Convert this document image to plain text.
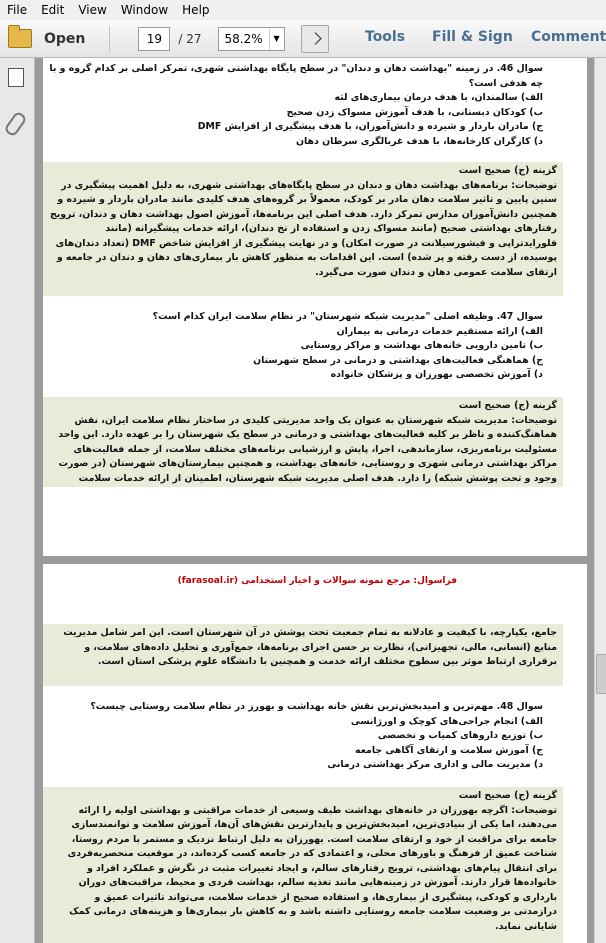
File	Edit	View	Window	Help
Open	19	/ 27	58.2%	▼	Tools Fill & Sign Comment
سوال 46. در زمینه "بهداشت دهان و دندان" در سطح پایگاه بهداشتی شهری، تمرکز اصلی بر کدام گروه و با چه هدفی است؟
الف) سالمندان، با هدف درمان بیماری‌های لثه
ب) کودکان دبستانی، با هدف آموزش مسواک زدن صحیح
ج) مادران باردار و شیرده و دانش‌آموزان، با هدف پیشگیری از افزایش DMF
د) کارگران کارخانه‌ها، با هدف غربالگری سرطان دهان
گزینه (ج) صحیح است
توضیحات: برنامه‌های بهداشت دهان و دندان در سطح پایگاه‌های بهداشتی شهری، به دلیل اهمیت پیشگیری در سنین پایین و تاثیر سلامت دهان مادر بر کودک، معمولاً بر گروه‌های هدف کلیدی مانند مادران باردار و شیرده و همچنین دانش‌آموزان مدارس تمرکز دارد. هدف اصلی این برنامه‌ها، آموزش اصول بهداشت دهان و دندان، ترویج رفتارهای بهداشتی صحیح (مانند مسواک زدن و استفاده از نخ دندان)، ارائه خدمات پیشگیرانه (مانند فلورایدتراپی و فیشورسیلانت در صورت امکان) و در نهایت پیشگیری از افزایش شاخص DMF (تعداد دندان‌های پوسیده، از دست رفته و پر شده) است. این اقدامات به منظور کاهش بار بیماری‌های دهان و دندان در جامعه و ارتقای سلامت عمومی دهان و دندان صورت می‌گیرد.
سوال 47. وظیفه اصلی "مدیریت شبکه شهرستان" در نظام سلامت ایران کدام است؟
الف) ارائه مستقیم خدمات درمانی به بیماران
ب) تامین دارویی خانه‌های بهداشت و مراکز روستایی
ج) هماهنگی فعالیت‌های بهداشتی و درمانی در سطح شهرستان
د) آموزش تخصصی بهورزان و پزشکان خانواده
گزینه (ج) صحیح است
توضیحات: مدیریت شبکه شهرستان به عنوان یک واحد مدیریتی کلیدی در ساختار نظام سلامت ایران، نقش هماهنگ‌کننده و ناظر بر کلیه فعالیت‌های بهداشتی و درمانی در سطح یک شهرستان را بر عهده دارد. این واحد مسئولیت برنامه‌ریزی، سازماندهی، اجرا، پایش و ارزشیابی برنامه‌های مختلف سلامت، از جمله فعالیت‌های مراکز بهداشتی درمانی شهری و روستایی، خانه‌های بهداشت، و همچنین بیمارستان‌های شهرستان (در صورت وجود و تحت پوشش شبکه) را دارد. هدف اصلی مدیریت شبکه شهرستان، اطمینان از ارائه خدمات سلامت
فراسوال: مرجع نمونه سوالات و اخبار استخدامی (farasoal.ir)
جامع، یکپارچه، با کیفیت و عادلانه به تمام جمعیت تحت پوشش در آن شهرستان است. این امر شامل مدیریت منابع (انسانی، مالی، تجهیزاتی)، نظارت بر حسن اجرای برنامه‌ها، جمع‌آوری و تحلیل داده‌های سلامت، و برقراری ارتباط موثر بین سطوح مختلف ارائه خدمت و همچنین با دانشگاه علوم پزشکی استان است.
سوال 48. مهم‌ترین و امیدبخش‌ترین نقش خانه بهداشت و بهورز در نظام سلامت روستایی چیست؟
الف) انجام جراحی‌های کوچک و اورژانسی
ب) توزیع داروهای کمیاب و تخصصی
ج) آموزش سلامت و ارتقای آگاهی جامعه
د) مدیریت مالی و اداری مرکز بهداشتی درمانی
گزینه (ج) صحیح است
توضیحات: اگرچه بهورزان در خانه‌های بهداشت طیف وسیعی از خدمات مراقبتی و بهداشتی اولیه را ارائه می‌دهند، اما یکی از بنیادی‌ترین، امیدبخش‌ترین و پایدارترین نقش‌های آن‌ها، آموزش سلامت و توانمندسازی جامعه برای مراقبت از خود و ارتقای سلامت است. بهورزان به دلیل ارتباط نزدیک و مستمر با مردم روستا، شناخت عمیق از فرهنگ و باورهای محلی، و اعتمادی که در جامعه کسب کرده‌اند، در موقعیت منحصربه‌فردی برای انتقال پیام‌های بهداشتی، ترویج رفتارهای سالم، و ایجاد تغییرات مثبت در نگرش و عملکرد افراد و خانواده‌ها قرار دارند. آموزش در زمینه‌هایی مانند تغذیه سالم، بهداشت فردی و محیط، مراقبت‌های دوران بارداری و کودکی، پیشگیری از بیماری‌ها، و استفاده صحیح از خدمات سلامت، می‌تواند تاثیرات عمیق و درازمدتی بر وضعیت سلامت جامعه روستایی داشته باشد و به کاهش بار بیماری‌ها و هزینه‌های درمانی کمک شایانی نماید.
